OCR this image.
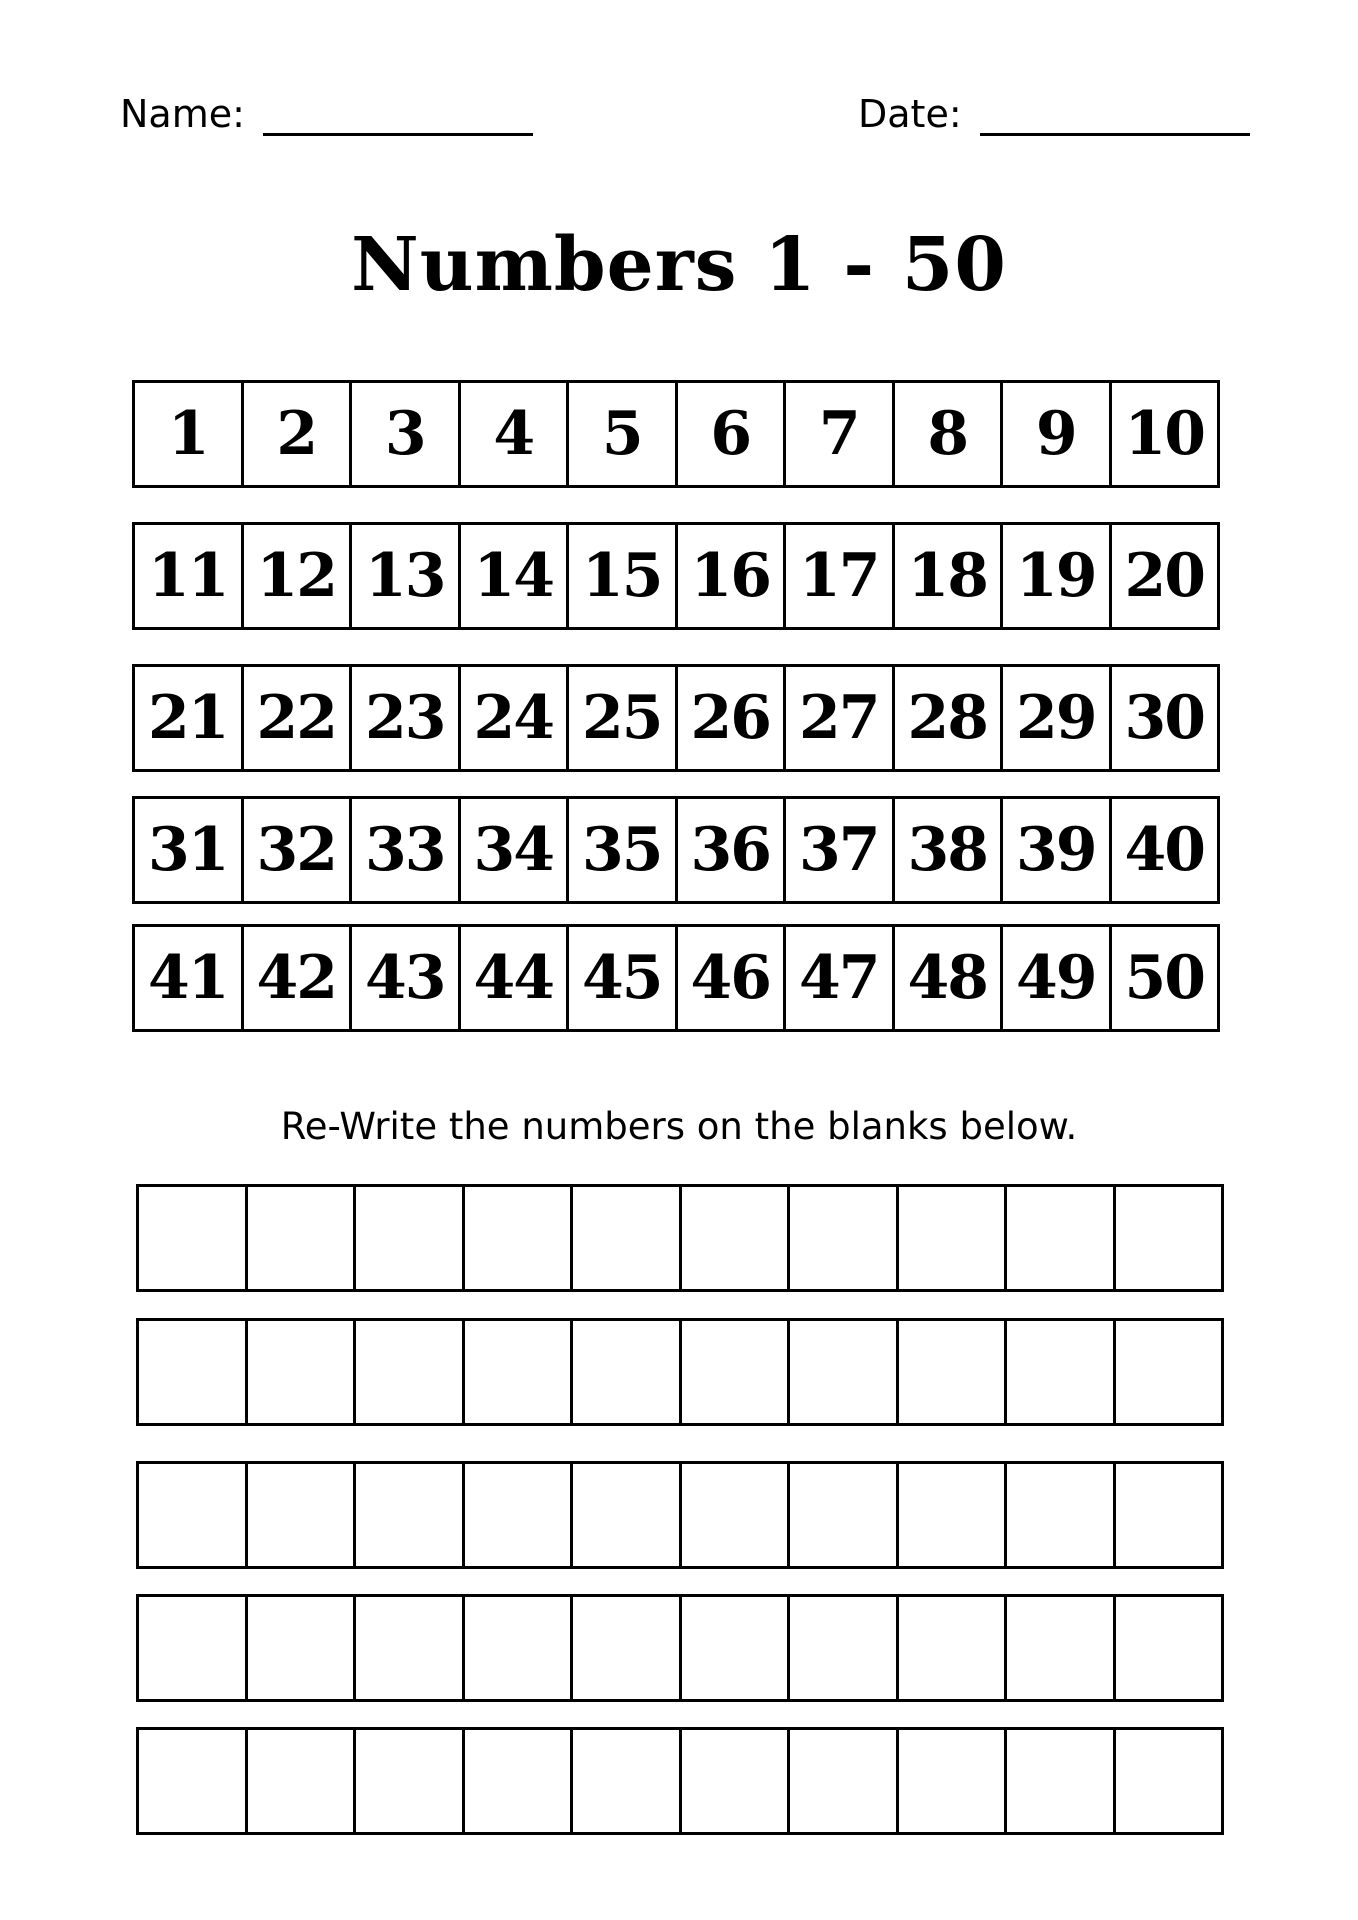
Name:	Date:
Numbers 1 - 50
1	2	3	4	5	6	7	8	9 10
11 12 13 14 15 16 17 18 19 20
21 22 23 24 25 26 27 28 29 30
31 32 33 34 35 36 37 38 39 40
41 42 43 44 45 46 47 48 49 50
Re-Write the numbers on the blanks below.
